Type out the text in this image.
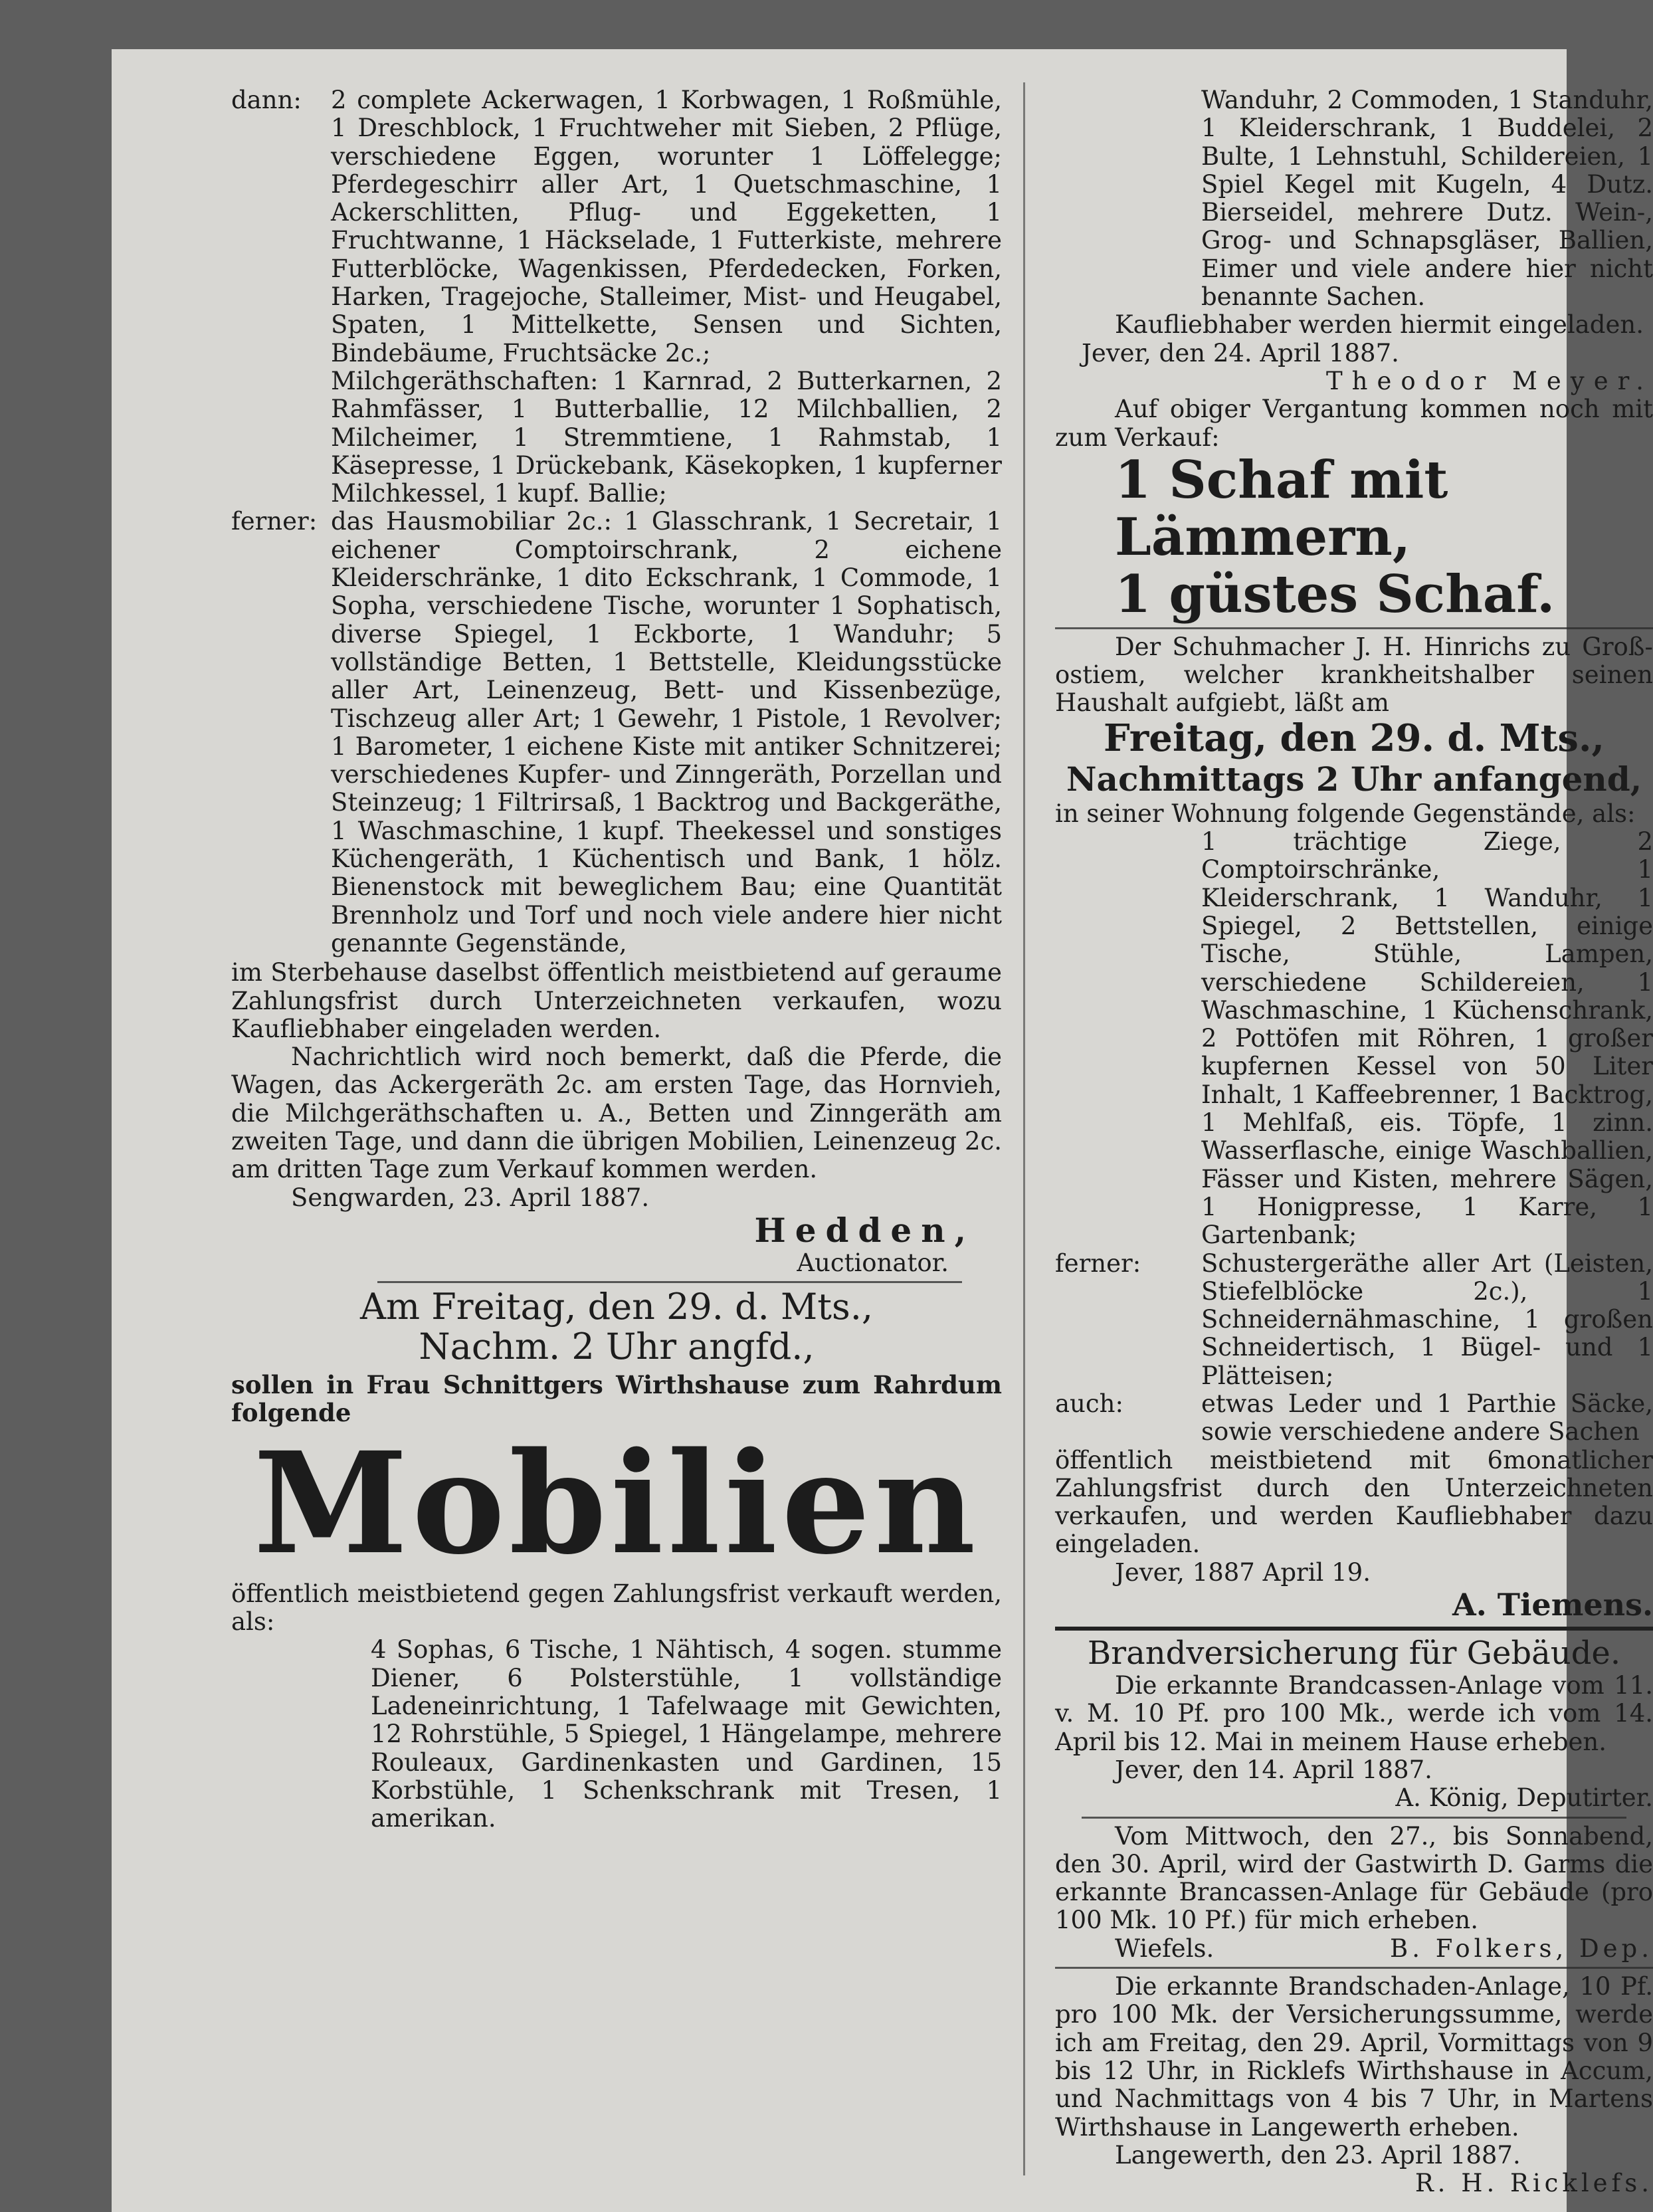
dann:	2 complete Ackerwagen, 1 Korbwagen, 1 Roßmühle, 1 Dreschblock, 1 Fruchtweher mit Sieben, 2 Pflüge, verschiedene Eggen, worunter 1 Löffelegge; Pferdegeschirr aller Art, 1 Quetschmaschine, 1 Ackerschlitten, Pflug- und Eggeketten, 1 Fruchtwanne, 1 Häckselade, 1 Futterkiste, mehrere Futterblöcke, Wagenkissen, Pferdedecken, Forken, Harken, Tragejoche, Stalleimer, Mist- und Heugabel, Spaten, 1 Mittelkette, Sensen und Sichten, Bindebäume, Fruchtsäcke 2c.;

Milchgeräthschaften: 1 Karnrad, 2 Butterkarnen, 2 Rahmfässer, 1 Butterballie, 12 Milchballien, 2 Milcheimer, 1 Stremmtiene, 1 Rahmstab, 1 Käsepresse, 1 Drückebank, Käsekopken, 1 kupferner Milchkessel, 1 kupf. Ballie;

ferner: das Hausmobiliar 2c.: 1 Glasschrank, 1 Secretair, 1 eichener Comptoirschrank, 2 eichene Kleiderschränke, 1 dito Eckschrank, 1 Commode, 1 Sopha, verschiedene Tische, worunter 1 Sophatisch, diverse Spiegel, 1 Eckborte, 1 Wanduhr; 5 vollständige Betten, 1 Bettstelle, Kleidungsstücke aller Art, Leinenzeug, Bett- und Kissenbezüge, Tischzeug aller Art; 1 Gewehr, 1 Pistole, 1 Revolver; 1 Barometer, 1 eichene Kiste mit antiker Schnitzerei; verschiedenes Kupfer- und Zinngeräth, Porzellan und Steinzeug; 1 Filtrirsaß, 1 Backtrog und Backgeräthe, 1 Waschmaschine, 1 kupf. Theekessel und sonstiges Küchengeräth, 1 Küchentisch und Bank, 1 hölz. Bienenstock mit beweglichem Bau; eine Quantität Brennholz und Torf und noch viele andere hier nicht genannte Gegenstände,

im Sterbehause daselbst öffentlich meistbietend auf geraume Zahlungsfrist durch Unterzeichneten verkaufen, wozu Kaufliebhaber eingeladen werden.

Nachrichtlich wird noch bemerkt, daß die Pferde, die Wagen, das Ackergeräth 2c. am ersten Tage, das Hornvieh, die Milchgeräthschaften u. A., Betten und Zinngeräth am zweiten Tage, und dann die übrigen Mobilien, Leinenzeug 2c. am dritten Tage zum Verkauf kommen werden.

Sengwarden, 23. April 1887.

Hedden,
Auctionator.
Am Freitag, den 29. d. Mts.,
Nachm. 2 Uhr angfd.,

sollen in Frau Schnittgers Wirthshause zum Rahrdum folgende

Mobilien

öffentlich meistbietend gegen Zahlungsfrist verkauft werden, als:

4 Sophas, 6 Tische, 1 Nähtisch, 4 sogen. stumme Diener, 6 Polsterstühle, 1 vollständige Ladeneinrichtung, 1 Tafelwaage mit Gewichten, 12 Rohrstühle, 5 Spiegel, 1 Hängelampe, mehrere Rouleaux, Gardinenkasten und Gardinen, 15 Korbstühle, 1 Schenkschrank mit Tresen, 1 amerikan.

Wanduhr, 2 Commoden, 1 Standuhr, 1 Kleiderschrank, 1 Buddelei, 2 Bulte, 1 Lehnstuhl, Schildereien, 1 Spiel Kegel mit Kugeln, 4 Dutz. Bierseidel, mehrere Dutz. Wein-, Grog- und Schnapsgläser, Ballien, Eimer und viele andere hier nicht benannte Sachen.

Kaufliebhaber werden hiermit eingeladen.

Jever, den 24. April 1887.

Theodor Meyer.

Auf obiger Vergantung kommen noch mit zum Verkauf:

1 Schaf mit Lämmern,
1 güstes Schaf.

Der Schuhmacher J. H. Hinrichs zu Groß-ostiem, welcher krankheitshalber seinen Haushalt aufgiebt, läßt am

Freitag, den 29. d. Mts.,
Nachmittags 2 Uhr anfangend,

in seiner Wohnung folgende Gegenstände, als:

1 trächtige Ziege, 2 Comptoirschränke, 1 Kleiderschrank, 1 Wanduhr, 1 Spiegel, 2 Bettstellen, einige Tische, Stühle, Lampen, verschiedene Schildereien, 1 Waschmaschine, 1 Küchenschrank, 2 Pottöfen mit Röhren, 1 großer kupfernen Kessel von 50 Liter Inhalt, 1 Kaffeebrenner, 1 Backtrog, 1 Mehlfaß, eis. Töpfe, 1 zinn. Wasserflasche, einige Waschballien, Fässer und Kisten, mehrere Sägen, 1 Honigpresse, 1 Karre, 1 Gartenbank;

ferner:	Schustergeräthe aller Art (Leisten, Stiefelblöcke 2c.), 1 Schneidernähmaschine, 1 großen Schneidertisch, 1 Bügel- und 1 Plätteisen;

auch:	etwas Leder und 1 Parthie Säcke, sowie verschiedene andere Sachen

öffentlich meistbietend mit 6monatlicher Zahlungsfrist durch den Unterzeichneten verkaufen, und werden Kaufliebhaber dazu eingeladen.

Jever, 1887 April 19.

A. Tiemens.
Brandversicherung für Gebäude.

Die erkannte Brandcassen-Anlage vom 11. v. M. 10 Pf. pro 100 Mk., werde ich vom 14. April bis 12. Mai in meinem Hause erheben.

Jever, den 14. April 1887.

A. König, Deputirter.

Vom Mittwoch, den 27., bis Sonnabend, den 30. April, wird der Gastwirth D. Garms die erkannte Brancassen-Anlage für Gebäude (pro 100 Mk. 10 Pf.) für mich erheben.

Wiefels.	B. Folkers, Dep.

Die erkannte Brandschaden-Anlage, 10 Pf. pro 100 Mk. der Versicherungssumme, werde ich am Freitag, den 29. April, Vormittags von 9 bis 12 Uhr, in Ricklefs Wirthshause in Accum, und Nachmittags von 4 bis 7 Uhr, in Martens Wirthshause in Langewerth erheben.

Langewerth, den 23. April 1887.

R. H. Ricklefs.
